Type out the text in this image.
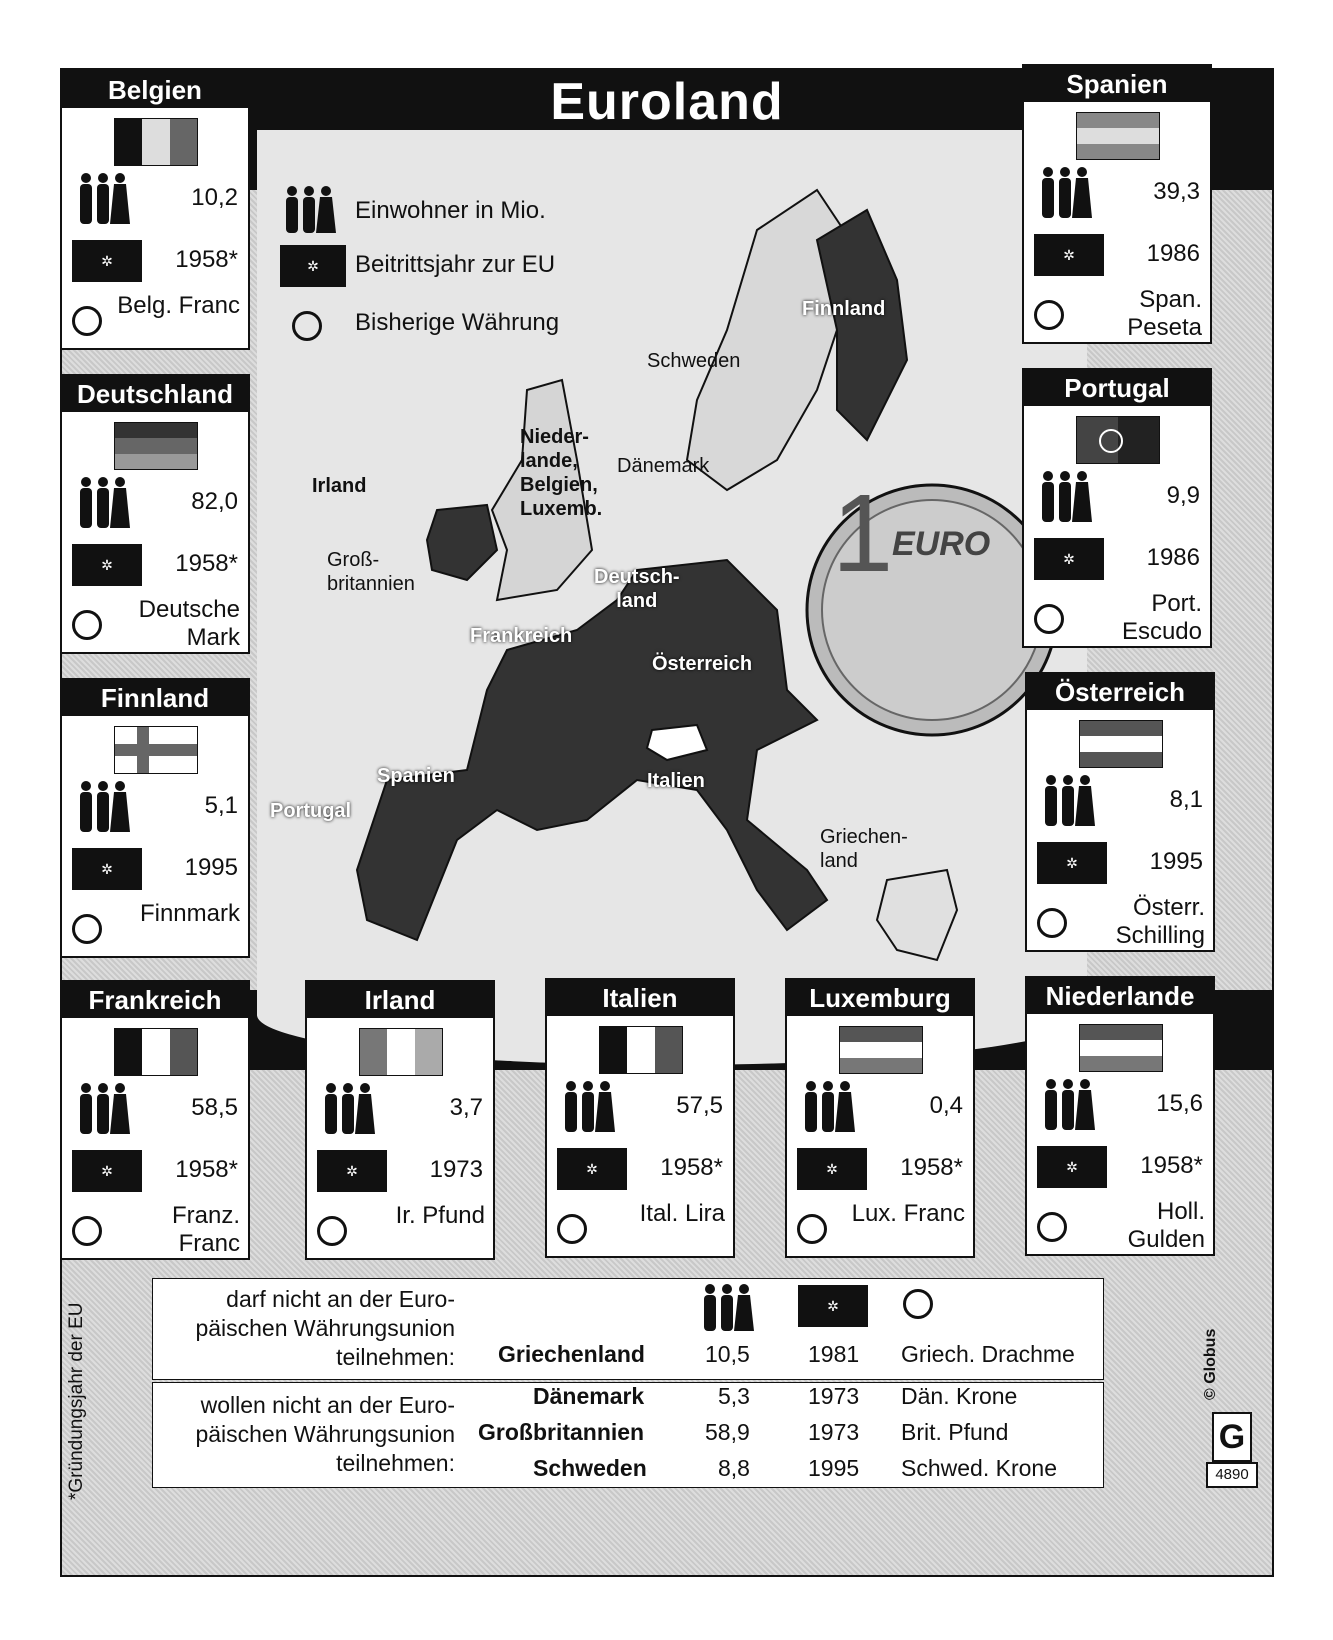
Euroland
Finnland
Schweden
Dänemark
Irland
Nieder-
lande,
Belgien,
Luxemb.
Groß-
britannien	Deutsch-
land
Frankreich
Österreich
Spanien
Portugal
Italien
Griechen-
land
EURO
1
Einwohner in Mio.
✲ Beitrittsjahr zur EU
Bisherige Währung
Belgien
10,2
✲	1958*
Belg. Franc
Deutschland
82,0
✲	1958*
Deutsche
Mark
Finnland
5,1
✲	1995
Finnmark
Spanien
39,3
✲	1986
Span.
Peseta
Portugal
9,9
✲	1986
Port.
Escudo
Österreich
8,1
✲	1995
Österr.
Schilling
Frankreich
58,5
✲	1958*
Franz.
Franc
Irland
3,7
✲	1973
Ir. Pfund
Italien
57,5
✲	1958*
Ital. Lira
Luxemburg
0,4
✲	1958*
Lux. Franc
Niederlande
15,6
✲	1958*
Holl.
Gulden
darf nicht an der Euro-
päischen Währungsunion
teilnehmen:
✲
Griechenland	10,5	1981 Griech. Drachme
wollen nicht an der Euro-
päischen Währungsunion
teilnehmen:
Dänemark	5,3	1973 Dän. Krone
Großbritannien	58,9	1973 Brit. Pfund
Schweden	8,8	1995 Schwed. Krone
*Gründungsjahr der EU	© Globus
G
4890
